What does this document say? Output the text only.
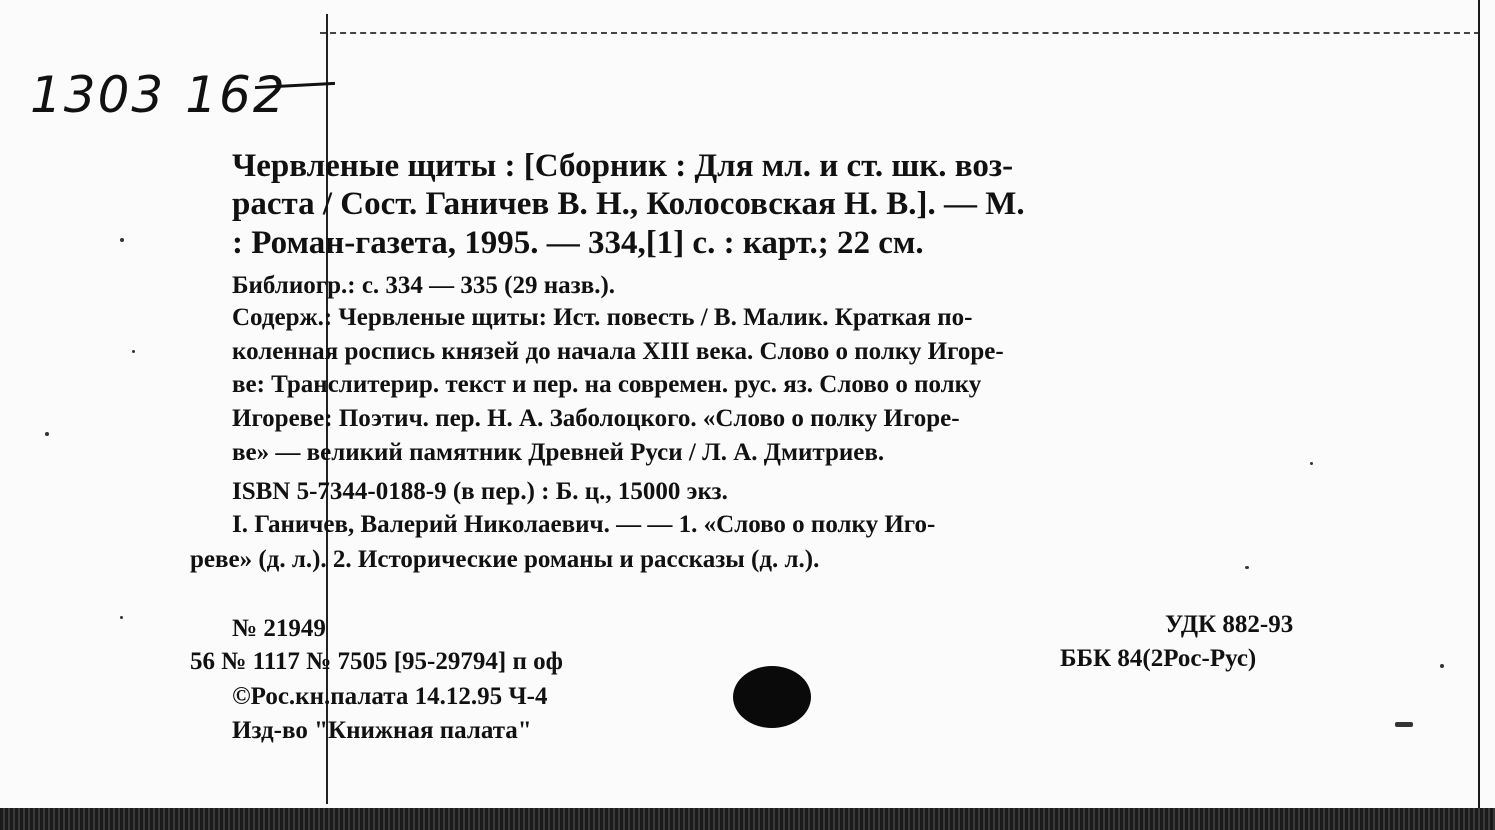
1303 162
Червленые щиты : [Сборник : Для мл. и ст. шк. воз-
раста / Сост. Ганичев В. Н., Колосовская Н. В.]. — М.
: Роман-газета, 1995. — 334,[1] с. : карт.; 22 см.
Библиогр.: с. 334 — 335 (29 назв.).
Содерж.: Червленые щиты: Ист. повесть / В. Малик. Краткая по-
коленная роспись князей до начала XIII века. Слово о полку Игоре-
ве: Транслитерир. текст и пер. на современ. рус. яз. Слово о полку
Игореве: Поэтич. пер. Н. А. Заболоцкого. «Слово о полку Игоре-
ве» — великий памятник Древней Руси / Л. А. Дмитриев.
ISBN 5-7344-0188-9 (в пер.) : Б. ц., 15000 экз.
I. Ганичев, Валерий Николаевич. — — 1. «Слово о полку Иго-
реве» (д. л.). 2. Исторические романы и рассказы (д. л.).
№ 21949
56 № 1117 № 7505 [95-29794] п оф
©Рос.кн.палата 14.12.95 Ч-4
Изд-во "Книжная палата"
УДК 882-93
ББК 84(2Рос-Рус)
